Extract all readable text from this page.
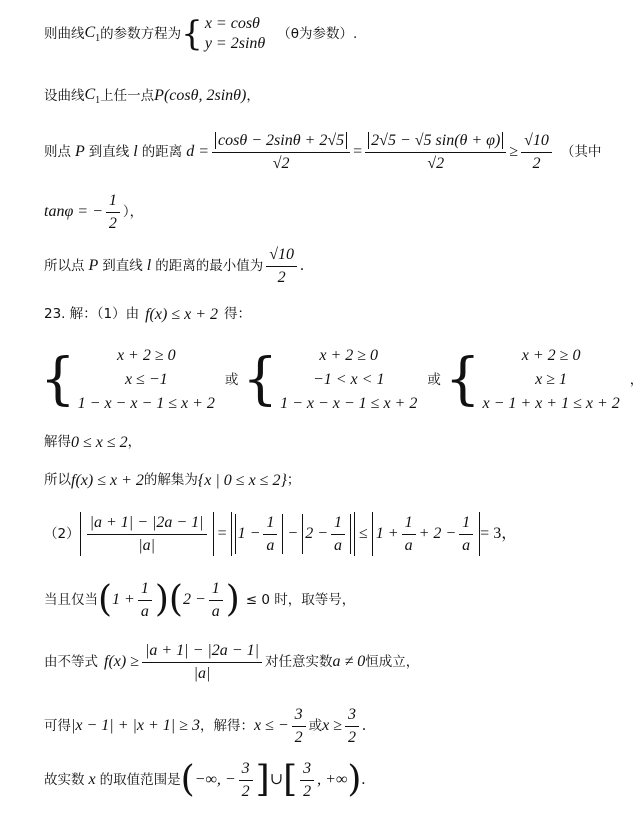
则曲线 $C_1$ 的参数方程为 { x = cosθ
y = 2sinθ
（θ为参数）.
设曲线 $C_1$ 上任一点 P(cosθ, 2sinθ) ，
则点 P 到直线 l 的距离 $d = \frac{\cos\theta - 2\sin\theta + 2√5}{√2} = \frac{2√5 - √5 \sin(\theta + \varphi)}{√2} \ge \frac{√10}{2}$ （其中
tanφ = − $\frac{1}{2}$ ），
所以点 P 到直线 l 的距离的最小值为 $\frac{√10}{2}$ .
23. 解：（1）由 f(x) ≤ x + 2 得：
{	x + 2 ≥ 0
x ≤ −1
1 − x − x − 1 ≤ x + 2
或 {	x + 2 ≥ 0
−1 < x < 1
1 − x − x − 1 ≤ x + 2
或 {	x + 2 ≥ 0
x ≥ 1
x − 1 + x + 1 ≤ x + 2
，
解得 0 ≤ x ≤ 2 ，
所以 f(x) ≤ x + 2 的解集为 {x | 0 ≤ x ≤ 2} ；
$(2) \frac{|a + 1| - |2a - 1|}{|a|} = 1 - \frac{1}{a} - 2 - \frac{1}{a} \le 1 + \frac{1}{a} + 2 - \frac{1}{a} = 3$，
当且仅当 ( $1 + \frac{1}{a}$ ) ( $2 - \frac{1}{a}$ ) ≤ 0 时，取等号，
由不等式 $f(x) \ge \frac{|a + 1| - |2a - 1|}{|a|}$ 对任意实数 a ≠ 0 恒成立，
可得 |x − 1| + |x + 1| ≥ 3 ，解得： x ≤ − $\frac{3}{2}$ 或 $x \ge \frac{3}{2}$ .
故实数 x 的取值范围是 ( −∞, − $\frac{3}{2}$ ] ∪ [ $\frac{3}{2}$ , +∞ ) .
